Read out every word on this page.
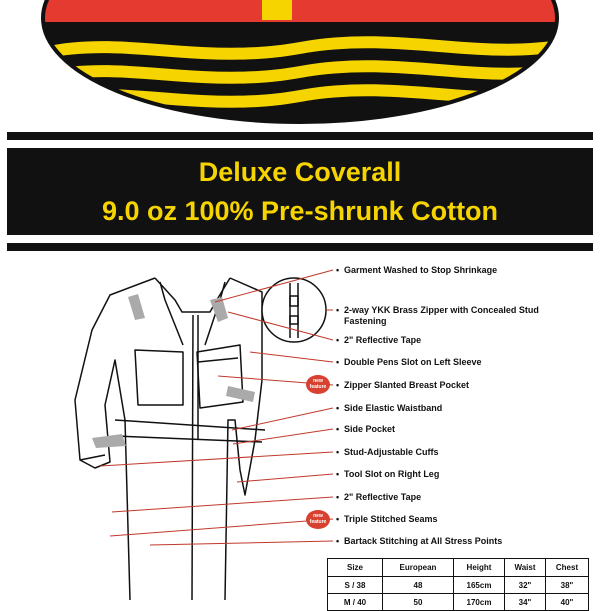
Deluxe Coverall
9.0 oz 100% Pre-shrunk Cotton
• Garment Washed to Stop Shrinkage
• 2-way YKK Brass Zipper with Concealed Stud
Fastening
• 2" Reflective Tape
• Double Pens Slot on Left Sleeve
new
feature	• Zipper Slanted Breast Pocket
• Side Elastic Waistband
• Side Pocket
• Stud-Adjustable Cuffs
• Tool Slot on Right Leg
• 2" Reflective Tape
new
feature	• Triple Stitched Seams
• Bartack Stitching at All Stress Points
Size	European	Height	Waist	Chest
S / 38	48	165cm	32"	38"
M / 40	50	170cm	34"	40"
